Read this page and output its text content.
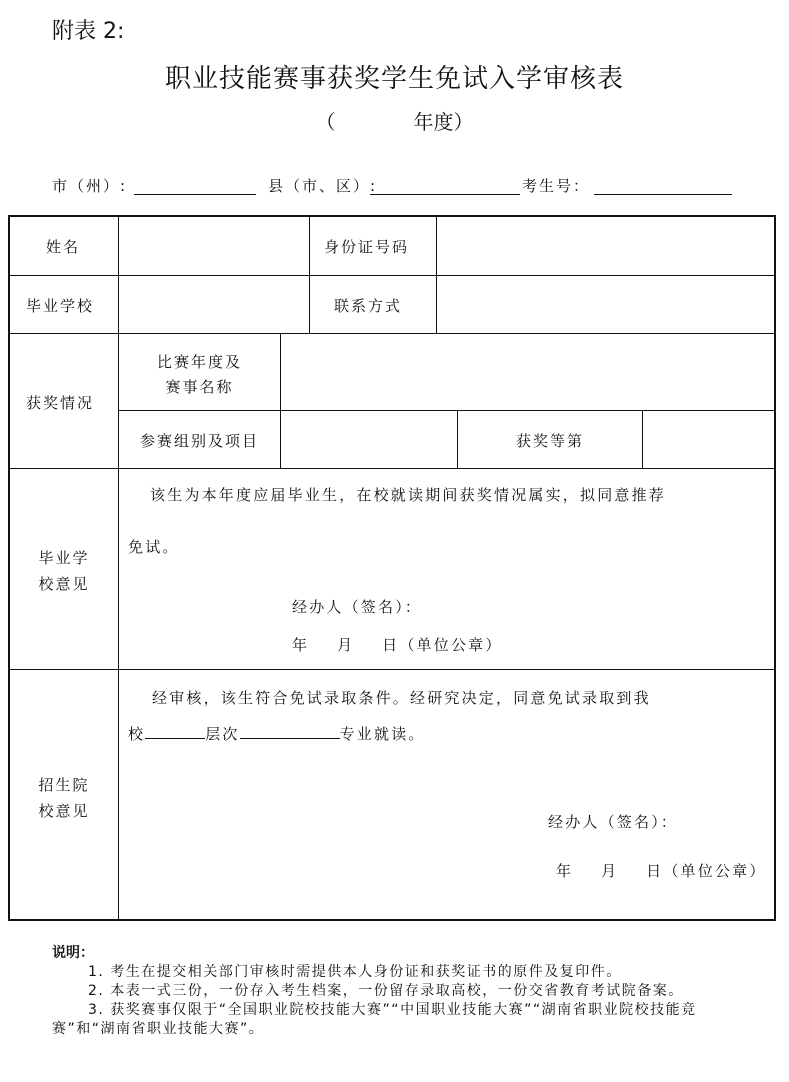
附表 2:
职业技能赛事获奖学生免试入学审核表
（	年度）
市（州）:	县（市、区）:	考生号：
姓名	身份证号码
毕业学校	联系方式
获奖情况
比赛年度及
赛事名称
参赛组别及项目	获奖等第
毕业学
校意见
该生为本年度应届毕业生，在校就读期间获奖情况属实，拟同意推荐
免试。
经办人（签名）：
年    月    日（单位公章）
招生院
校意见
经审核，该生符合免试录取条件。经研究决定，同意免试录取到我
校	层次	专业就读。
经办人（签名）：
年    月    日（单位公章）
说明：
1. 考生在提交相关部门审核时需提供本人身份证和获奖证书的原件及复印件。
2. 本表一式三份，一份存入考生档案，一份留存录取高校，一份交省教育考试院备案。
3. 获奖赛事仅限于“全国职业院校技能大赛”“中国职业技能大赛”“湖南省职业院校技能竞赛”和“湖南省职业技能大赛”。
